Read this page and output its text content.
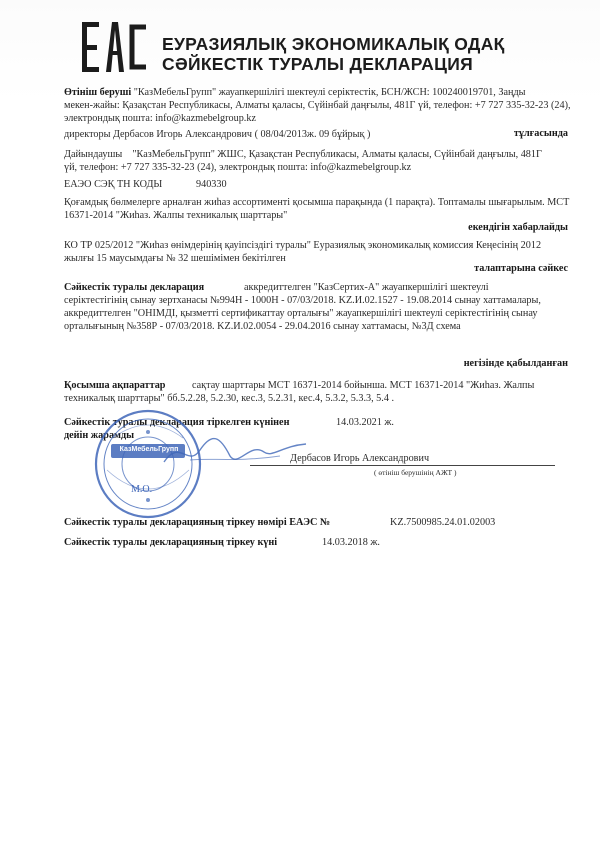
ЕУРАЗИЯЛЫҚ ЭКОНОМИКАЛЫҚ ОДАҚ
СӘЙКЕСТІК ТУРАЛЫ ДЕКЛАРАЦИЯ
Өтініш беруші "КазМебельГрупп" жауапкершілігі шектеулі серіктестік, БСН/ЖСН: 100240019701, Заңды
мекен-жайы: Қазақстан Республикасы, Алматы қаласы, Сүйінбай даңғылы, 481Г үй, телефон: +7 727 335-32-23 (24),
электрондық пошта: info@kazmebelgroup.kz
директоры Дербасов Игорь Александрович ( 08/04/2013ж. 09 бұйрық )	тұлғасында
Дайындаушы "КазМебельГрупп" ЖШС, Қазақстан Республикасы, Алматы қаласы, Сүйінбай даңғылы, 481Г
үй, телефон: +7 727 335-32-23 (24), электрондық пошта: info@kazmebelgroup.kz
ЕАЭО СЭҚ ТН КОДЫ	940330
Қоғамдық бөлмелерге арналған жиһаз ассортименті қосымша парақында (1 парақта). Топтамалы шығарылым. МСТ
16371-2014 "Жиһаз. Жалпы техникалық шарттары"
екендігін хабарлайды
КО ТР 025/2012 "Жиһаз өнімдерінің қауіпсіздігі туралы" Еуразиялық экономикалық комиссия Кеңесінің 2012
жылғы 15 маусымдағы № 32 шешімімен бекітілген
талаптарына сәйкес
Сәйкестік туралы декларация	аккредиттелген "КазСертих-А" жауапкершілігі шектеулі
серіктестігінің сынау зертханасы №994Н - 1000Н - 07/03/2018. KZ.И.02.1527 - 19.08.2014 сынау хаттамалары,
аккредиттелген "ОНІМДІ, қызметті сертификаттау орталығы" жауапкершілігі шектеулі серіктестігінің сынау
орталығының №358Р - 07/03/2018. KZ.И.02.0054 - 29.04.2016 сынау хаттамасы, №3Д схема
негізінде қабылданған
Қосымша ақпараттар	сақтау шарттары МСТ 16371-2014 бойынша. МСТ 16371-2014 "Жиһаз. Жалпы
техникалық шарттары" бб.5.2.28, 5.2.30, кес.3, 5.2.31, кес.4, 5.3.2, 5.3.3, 5.4 .
Сәйкестік туралы декларация тіркелген күнінен	14.03.2021 ж.
дейін жарамды
Дербасов Игорь Александрович
( өтініш берушінің АЖТ )
КазМебельГрупп
М.О.
Сәйкестік туралы декларацияның тіркеу нөмірі ЕАЭС №	KZ.7500985.24.01.02003
Сәйкестік туралы декларацияның тіркеу күні	14.03.2018 ж.
